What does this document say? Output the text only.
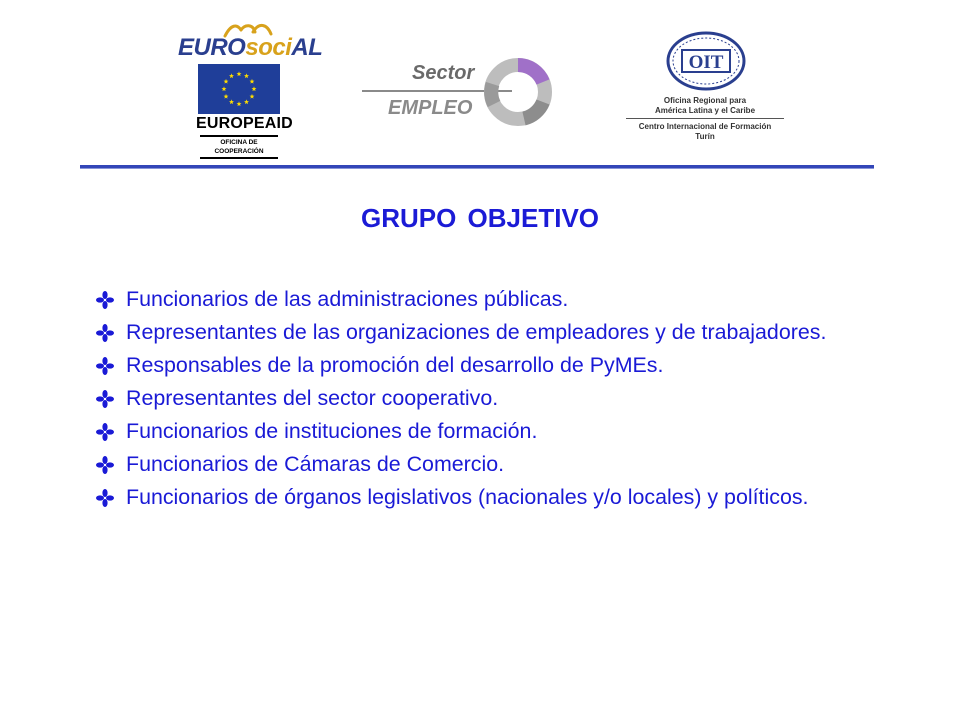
EUROsociAL
EUROPEAID
OFICINA DE COOPERACIÓN
Sector
EMPLEO
OIT
Oficina Regional para
América Latina y el Caribe
Centro Internacional de Formación
Turín
GRUPO OBJETIVO
Funcionarios de las administraciones públicas.
Representantes de las organizaciones de empleadores y de trabajadores.
Responsables de la promoción del desarrollo de PyMEs.
Representantes del sector cooperativo.
Funcionarios de instituciones de formación.
Funcionarios de Cámaras de Comercio.
Funcionarios de órganos legislativos (nacionales y/o locales) y políticos.
